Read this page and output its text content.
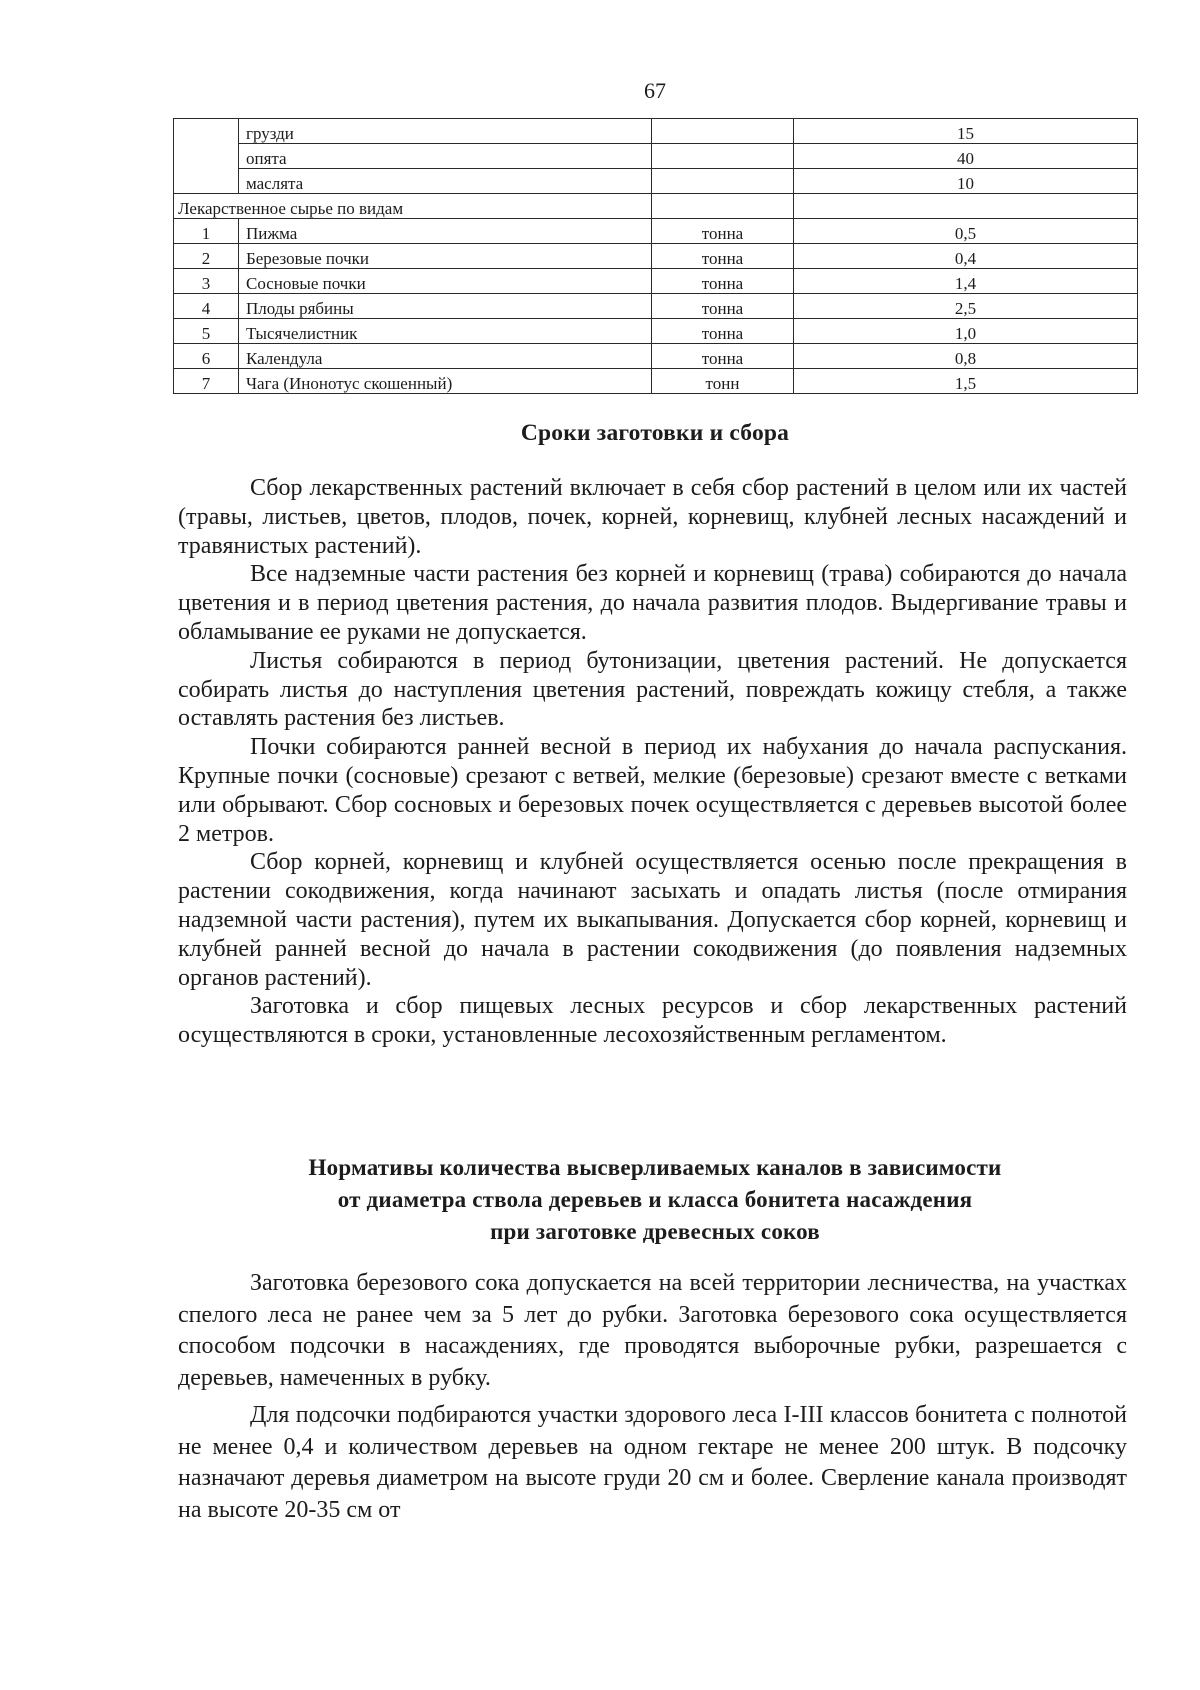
67
	грузди		15
	опята		40
	маслята		10
Лекарственное сырье по видам			
1	Пижма	тонна	0,5
2	Березовые почки	тонна	0,4
3	Сосновые почки	тонна	1,4
4	Плоды рябины	тонна	2,5
5	Тысячелистник	тонна	1,0
6	Календула	тонна	0,8
7	Чага (Инонотус скошенный)	тонн	1,5
Сроки заготовки и сбора

Сбор лекарственных растений включает в себя сбор растений в целом или их частей (травы, листьев, цветов, плодов, почек, корней, корневищ, клубней лесных насаждений и травянистых растений).

Все надземные части растения без корней и корневищ (трава) собираются до начала цветения и в период цветения растения, до начала развития плодов. Выдергивание травы и обламывание ее руками не допускается.

Листья собираются в период бутонизации, цветения растений. Не допускается собирать листья до наступления цветения растений, повреждать кожицу стебля, а также оставлять растения без листьев.

Почки собираются ранней весной в период их набухания до начала распускания. Крупные почки (сосновые) срезают с ветвей, мелкие (березовые) срезают вместе с ветками или обрывают. Сбор сосновых и березовых почек осуществляется с деревьев высотой более 2 метров.

Сбор корней, корневищ и клубней осуществляется осенью после прекращения в растении сокодвижения, когда начинают засыхать и опадать листья (после отмирания надземной части растения), путем их выкапывания. Допускается сбор корней, корневищ и клубней ранней весной до начала в растении сокодвижения (до появления надземных органов растений).

Заготовка и сбор пищевых лесных ресурсов и сбор лекарственных растений осуществляются в сроки, установленные лесохозяйственным регламентом.

Нормативы количества высверливаемых каналов в зависимости
от диаметра ствола деревьев и класса бонитета насаждения
при заготовке древесных соков

Заготовка березового сока допускается на всей территории лесничества, на участках спелого леса не ранее чем за 5 лет до рубки. Заготовка березового сока осуществляется способом подсочки в насаждениях, где проводятся выборочные рубки, разрешается с деревьев, намеченных в рубку.

Для подсочки подбираются участки здорового леса I-III классов бонитета с полнотой не менее 0,4 и количеством деревьев на одном гектаре не менее 200 штук. В подсочку назначают деревья диаметром на высоте груди 20 см и более. Сверление канала производят на высоте 20-35 см от
